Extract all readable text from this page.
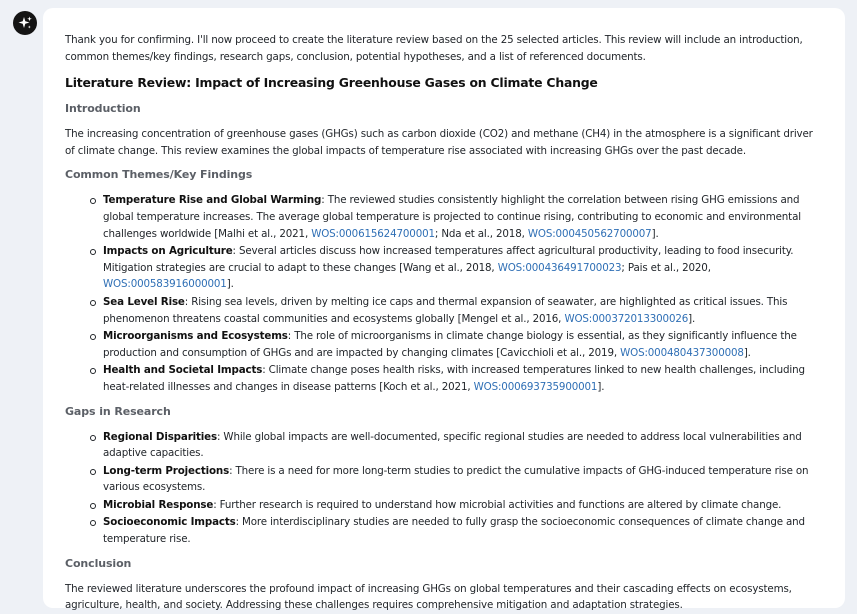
Thank you for confirming. I'll now proceed to create the literature review based on the 25 selected articles. This review will include an introduction, common themes/key findings, research gaps, conclusion, potential hypotheses, and a list of referenced documents.

Literature Review: Impact of Increasing Greenhouse Gases on Climate Change
Introduction

The increasing concentration of greenhouse gases (GHGs) such as carbon dioxide (CO2) and methane (CH4) in the atmosphere is a significant driver of climate change. This review examines the global impacts of temperature rise associated with increasing GHGs over the past decade.

Common Themes/Key Findings
Temperature Rise and Global Warming: The reviewed studies consistently highlight the correlation between rising GHG emissions and global temperature increases. The average global temperature is projected to continue rising, contributing to economic and environmental challenges worldwide [Malhi et al., 2021, WOS:000615624700001; Nda et al., 2018, WOS:000450562700007].
Impacts on Agriculture: Several articles discuss how increased temperatures affect agricultural productivity, leading to food insecurity. Mitigation strategies are crucial to adapt to these changes [Wang et al., 2018, WOS:000436491700023; Pais et al., 2020, WOS:000583916000001].
Sea Level Rise: Rising sea levels, driven by melting ice caps and thermal expansion of seawater, are highlighted as critical issues. This phenomenon threatens coastal communities and ecosystems globally [Mengel et al., 2016, WOS:000372013300026].
Microorganisms and Ecosystems: The role of microorganisms in climate change biology is essential, as they significantly influence the production and consumption of GHGs and are impacted by changing climates [Cavicchioli et al., 2019, WOS:000480437300008].
Health and Societal Impacts: Climate change poses health risks, with increased temperatures linked to new health challenges, including heat-related illnesses and changes in disease patterns [Koch et al., 2021, WOS:000693735900001].
Gaps in Research
Regional Disparities: While global impacts are well-documented, specific regional studies are needed to address local vulnerabilities and adaptive capacities.
Long-term Projections: There is a need for more long-term studies to predict the cumulative impacts of GHG-induced temperature rise on various ecosystems.
Microbial Response: Further research is required to understand how microbial activities and functions are altered by climate change.
Socioeconomic Impacts: More interdisciplinary studies are needed to fully grasp the socioeconomic consequences of climate change and temperature rise.
Conclusion

The reviewed literature underscores the profound impact of increasing GHGs on global temperatures and their cascading effects on ecosystems, agriculture, health, and society. Addressing these challenges requires comprehensive mitigation and adaptation strategies.
